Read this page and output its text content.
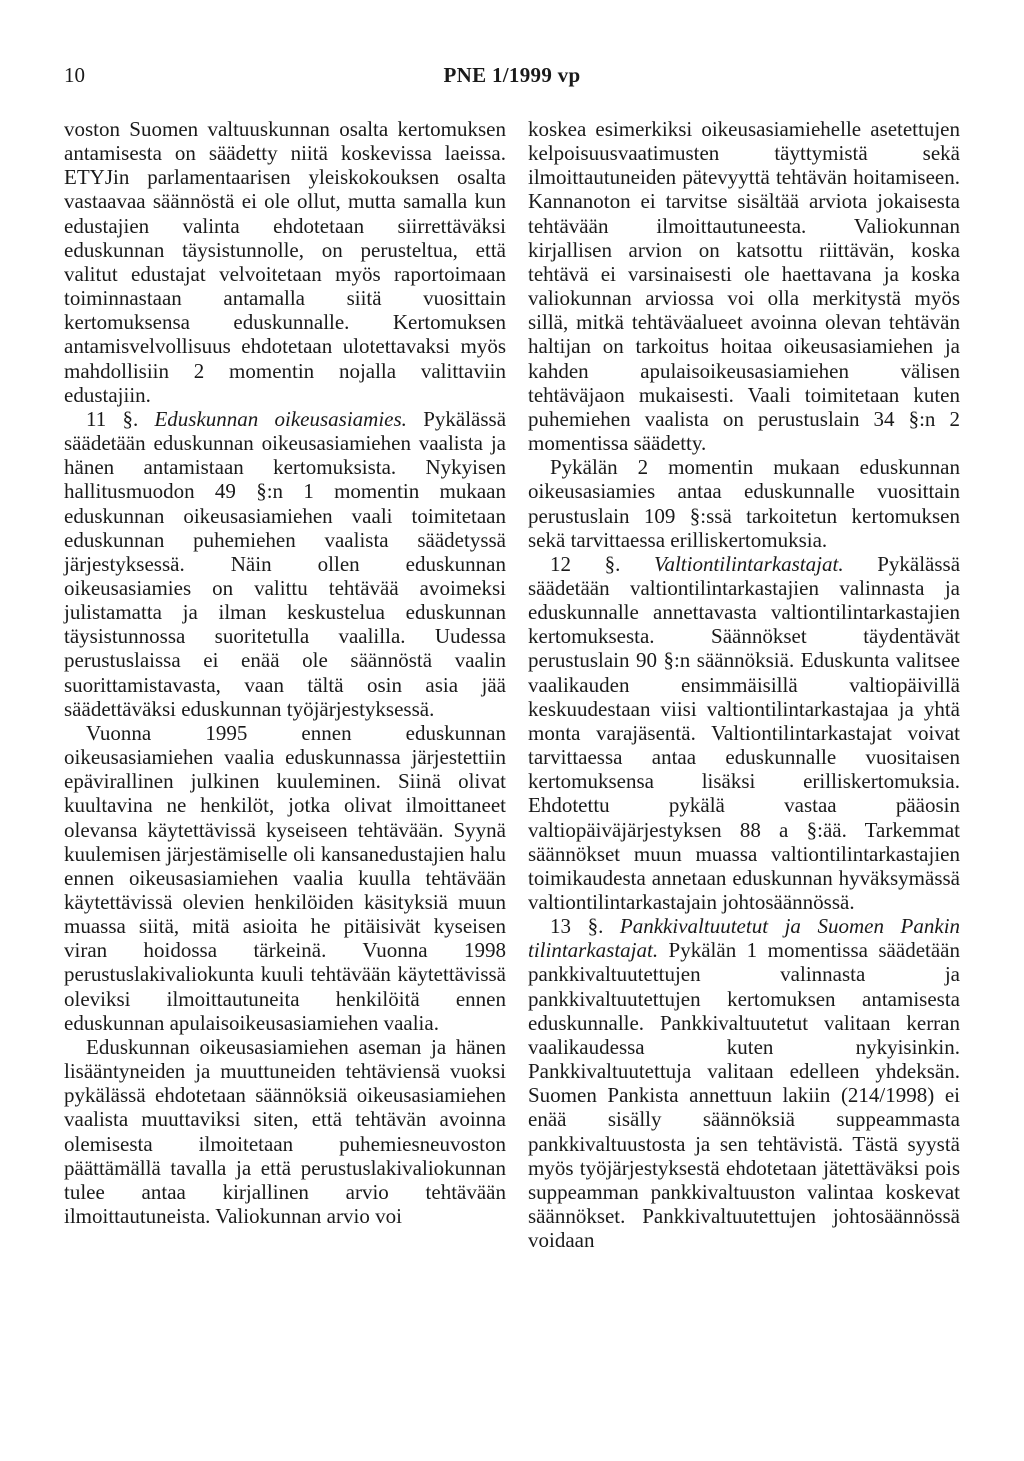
10	PNE 1/1999 vp

voston Suomen valtuuskunnan osalta kertomuksen antamisesta on säädetty niitä koskevissa laeissa. ETYJin parlamentaarisen yleiskokouksen osalta vastaavaa säännöstä ei ole ollut, mutta samalla kun edustajien valinta ehdotetaan siirrettäväksi eduskunnan täysistunnolle, on perusteltua, että valitut edustajat velvoitetaan myös raportoimaan toiminnastaan antamalla siitä vuosittain kertomuksensa eduskunnalle. Kertomuksen antamisvelvollisuus ehdotetaan ulotettavaksi myös mahdollisiin 2 momentin nojalla valittaviin edustajiin.

11 §. Eduskunnan oikeusasiamies. Pykälässä säädetään eduskunnan oikeusasiamiehen vaalista ja hänen antamistaan kertomuksista. Nykyisen hallitusmuodon 49 §:n 1 momentin mukaan eduskunnan oikeusasiamiehen vaali toimitetaan eduskunnan puhemiehen vaalista säädetyssä järjestyksessä. Näin ollen eduskunnan oikeusasiamies on valittu tehtävää avoimeksi julistamatta ja ilman keskustelua eduskunnan täysistunnossa suoritetulla vaalilla. Uudessa perustuslaissa ei enää ole säännöstä vaalin suorittamistavasta, vaan tältä osin asia jää säädettäväksi eduskunnan työjärjestyksessä.

Vuonna 1995 ennen eduskunnan oikeusasiamiehen vaalia eduskunnassa järjestettiin epävirallinen julkinen kuuleminen. Siinä olivat kuultavina ne henkilöt, jotka olivat ilmoittaneet olevansa käytettävissä kyseiseen tehtävään. Syynä kuulemisen järjestämiselle oli kansanedustajien halu ennen oikeusasiamiehen vaalia kuulla tehtävään käytettävissä olevien henkilöiden käsityksiä muun muassa siitä, mitä asioita he pitäisivät kyseisen viran hoidossa tärkeinä. Vuonna 1998 perustuslakivaliokunta kuuli tehtävään käytettävissä oleviksi ilmoittautuneita henkilöitä ennen eduskunnan apulaisoikeusasiamiehen vaalia.

Eduskunnan oikeusasiamiehen aseman ja hänen lisääntyneiden ja muuttuneiden tehtäviensä vuoksi pykälässä ehdotetaan säännöksiä oikeusasiamiehen vaalista muuttaviksi siten, että tehtävän avoinna olemisesta ilmoitetaan puhemiesneuvoston päättämällä tavalla ja että perustuslakivaliokunnan tulee antaa kirjallinen arvio tehtävään ilmoittautuneista. Valiokunnan arvio voi

koskea esimerkiksi oikeusasiamiehelle asetettujen kelpoisuusvaatimusten täyttymistä sekä ilmoittautuneiden pätevyyttä tehtävän hoitamiseen. Kannanoton ei tarvitse sisältää arviota jokaisesta tehtävään ilmoittautuneesta. Valiokunnan kirjallisen arvion on katsottu riittävän, koska tehtävä ei varsinaisesti ole haettavana ja koska valiokunnan arviossa voi olla merkitystä myös sillä, mitkä tehtäväalueet avoinna olevan tehtävän haltijan on tarkoitus hoitaa oikeusasiamiehen ja kahden apulaisoikeusasiamiehen välisen tehtäväjaon mukaisesti. Vaali toimitetaan kuten puhemiehen vaalista on perustuslain 34 §:n 2 momentissa säädetty.

Pykälän 2 momentin mukaan eduskunnan oikeusasiamies antaa eduskunnalle vuosittain perustuslain 109 §:ssä tarkoitetun kertomuksen sekä tarvittaessa erilliskertomuksia.

12 §. Valtiontilintarkastajat. Pykälässä säädetään valtiontilintarkastajien valinnasta ja eduskunnalle annettavasta valtiontilintarkastajien kertomuksesta. Säännökset täydentävät perustuslain 90 §:n säännöksiä. Eduskunta valitsee vaalikauden ensimmäisillä valtiopäivillä keskuudestaan viisi valtiontilintarkastajaa ja yhtä monta varajäsentä. Valtiontilintarkastajat voivat tarvittaessa antaa eduskunnalle vuositaisen kertomuksensa lisäksi erilliskertomuksia. Ehdotettu pykälä vastaa pääosin valtiopäiväjärjestyksen 88 a §:ää. Tarkemmat säännökset muun muassa valtiontilintarkastajien toimikaudesta annetaan eduskunnan hyväksymässä valtiontilintarkastajain johtosäännössä.

13 §. Pankkivaltuutetut ja Suomen Pankin tilintarkastajat. Pykälän 1 momentissa säädetään pankkivaltuutettujen valinnasta ja pankkivaltuutettujen kertomuksen antamisesta eduskunnalle. Pankkivaltuutetut valitaan kerran vaalikaudessa kuten nykyisinkin. Pankkivaltuutettuja valitaan edelleen yhdeksän. Suomen Pankista annettuun lakiin (214/1998) ei enää sisälly säännöksiä suppeammasta pankkivaltuustosta ja sen tehtävistä. Tästä syystä myös työjärjestyksestä ehdotetaan jätettäväksi pois suppeamman pankkivaltuuston valintaa koskevat säännökset. Pankkivaltuutettujen johtosäännössä voidaan
